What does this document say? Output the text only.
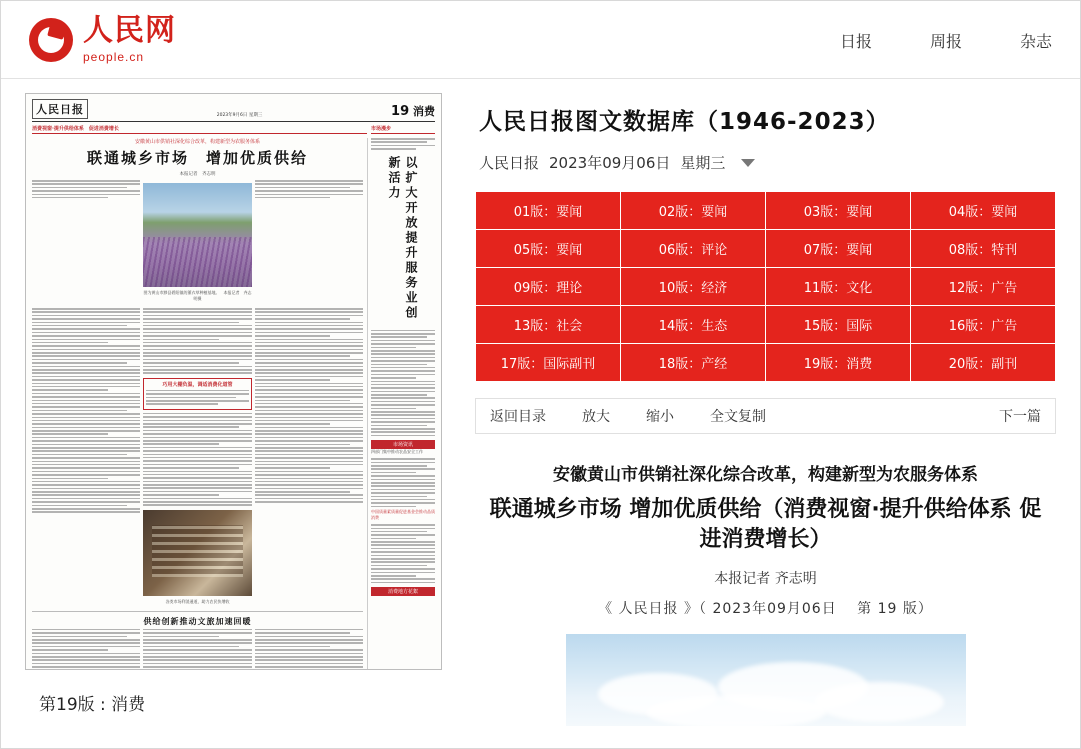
人民网
people.cn
日报	周报	杂志
人民日报	2023年9月6日 星期三	19 消费
消费视窗·提升供给体系　促进消费增长	市场漫步
安徽黄山市供销社深化综合改革，构建新型为农服务体系
联通城乡市场　增加优质供给
本报记者　齐志明
图为黄山市黟县碧阳镇的薰衣草种植基地。　本报记者　齐志明摄
巧用大棚负温，调适消费化道管
各类市场利消通道，助力农民快增收
供给创新推动文旅加速回暖
以扩大开放提升服务业创新活力
市场资讯
四部门集中推动农品安全工作
中国质量素质量促进基金会推动品质消费
消费地方花絮
第19版 : 消费
人民日报图文数据库（1946-2023）
人民日报 2023年09月06日 星期三
01版：要闻	02版：要闻	03版：要闻	04版：要闻
05版：要闻	06版：评论	07版：要闻	08版：特刊
09版：理论	10版：经济	11版：文化	12版：广告
13版：社会	14版：生态	15版：国际	16版：广告
17版：国际副刊	18版：产经	19版：消费	20版：副刊
返回目录	放大	缩小	全文复制	下一篇
安徽黄山市供销社深化综合改革，构建新型为农服务体系
联通城乡市场 增加优质供给（消费视窗·提升供给体系 促进消费增长）
本报记者 齐志明
《 人民日报 》（ 2023年09月06日　 第 19 版）
